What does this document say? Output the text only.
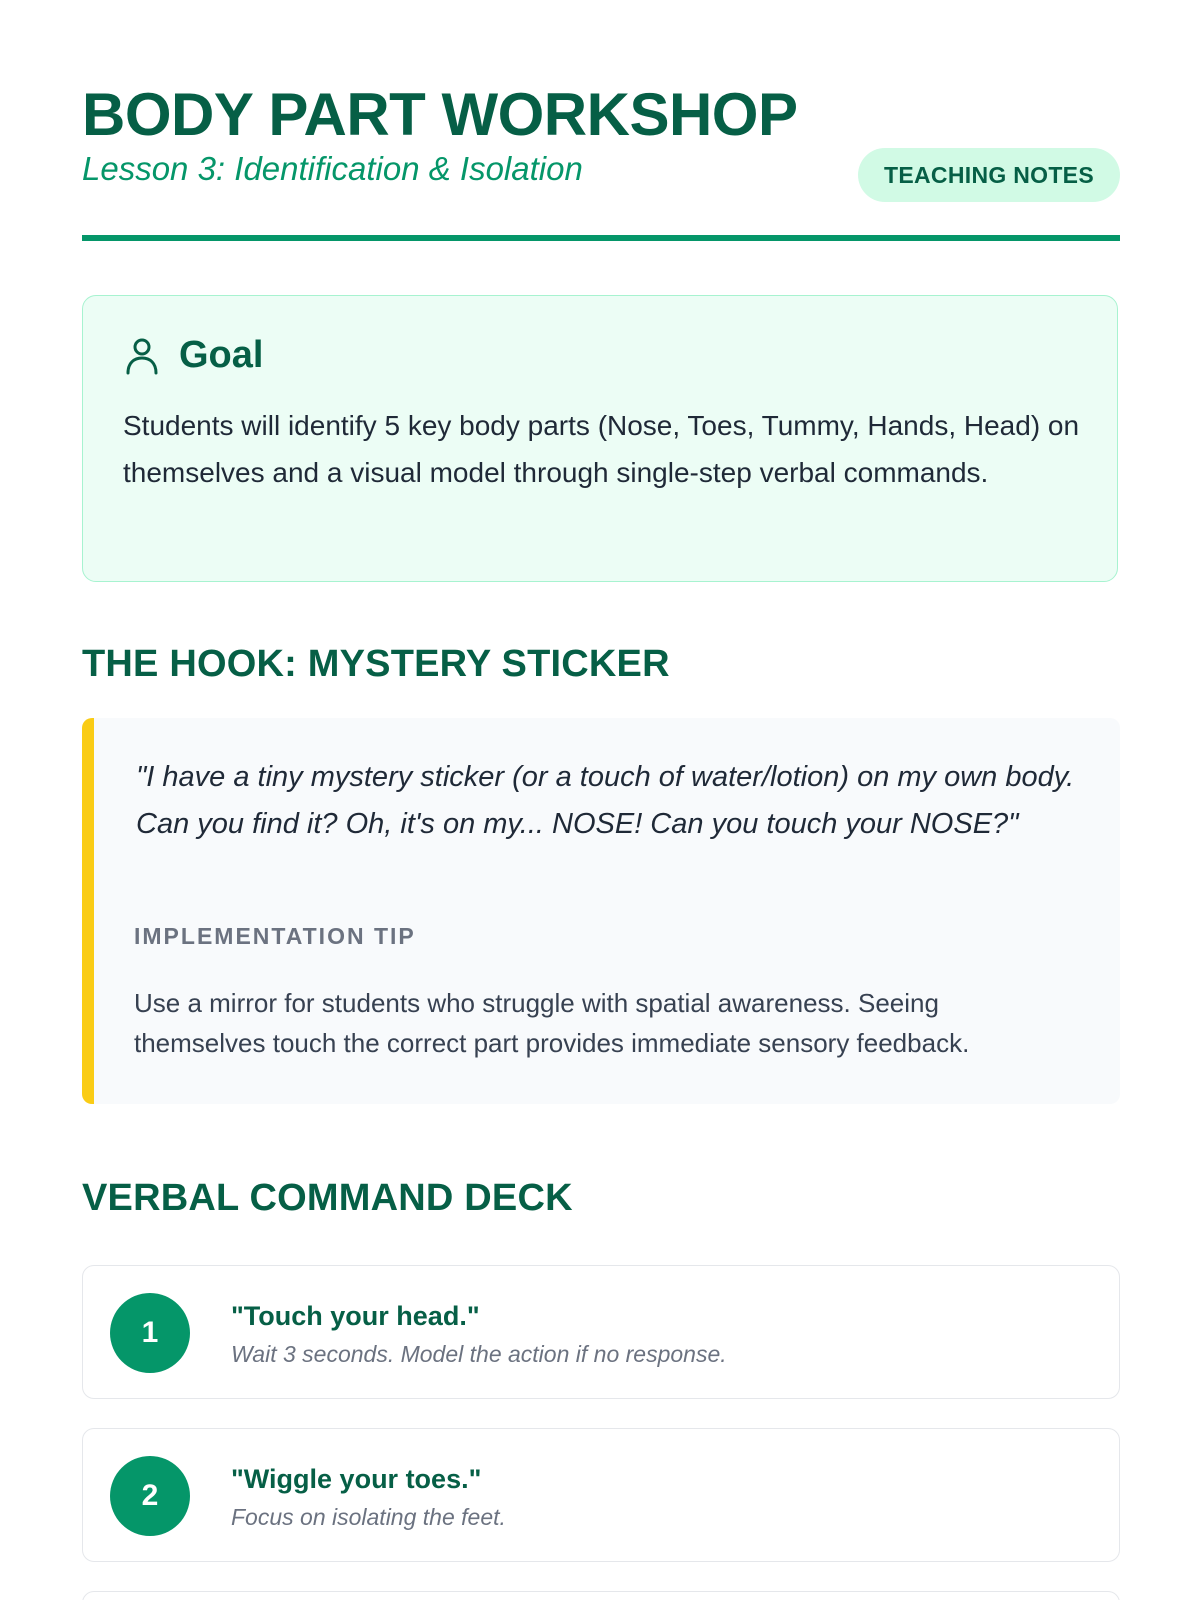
BODY PART WORKSHOP

Lesson 3: Identification & Isolation	TEACHING NOTES
Goal

Students will identify 5 key body parts (Nose, Toes, Tummy, Hands, Head) on themselves and a visual model through single-step verbal commands.

THE HOOK: MYSTERY STICKER

"I have a tiny mystery sticker (or a touch of water/lotion) on my own body. Can you find it? Oh, it's on my... NOSE! Can you touch your NOSE?"

IMPLEMENTATION TIP

Use a mirror for students who struggle with spatial awareness. Seeing themselves touch the correct part provides immediate sensory feedback.

VERBAL COMMAND DECK
1	"Touch your head."

Wait 3 seconds. Model the action if no response.

2	"Wiggle your toes."

Focus on isolating the feet.
